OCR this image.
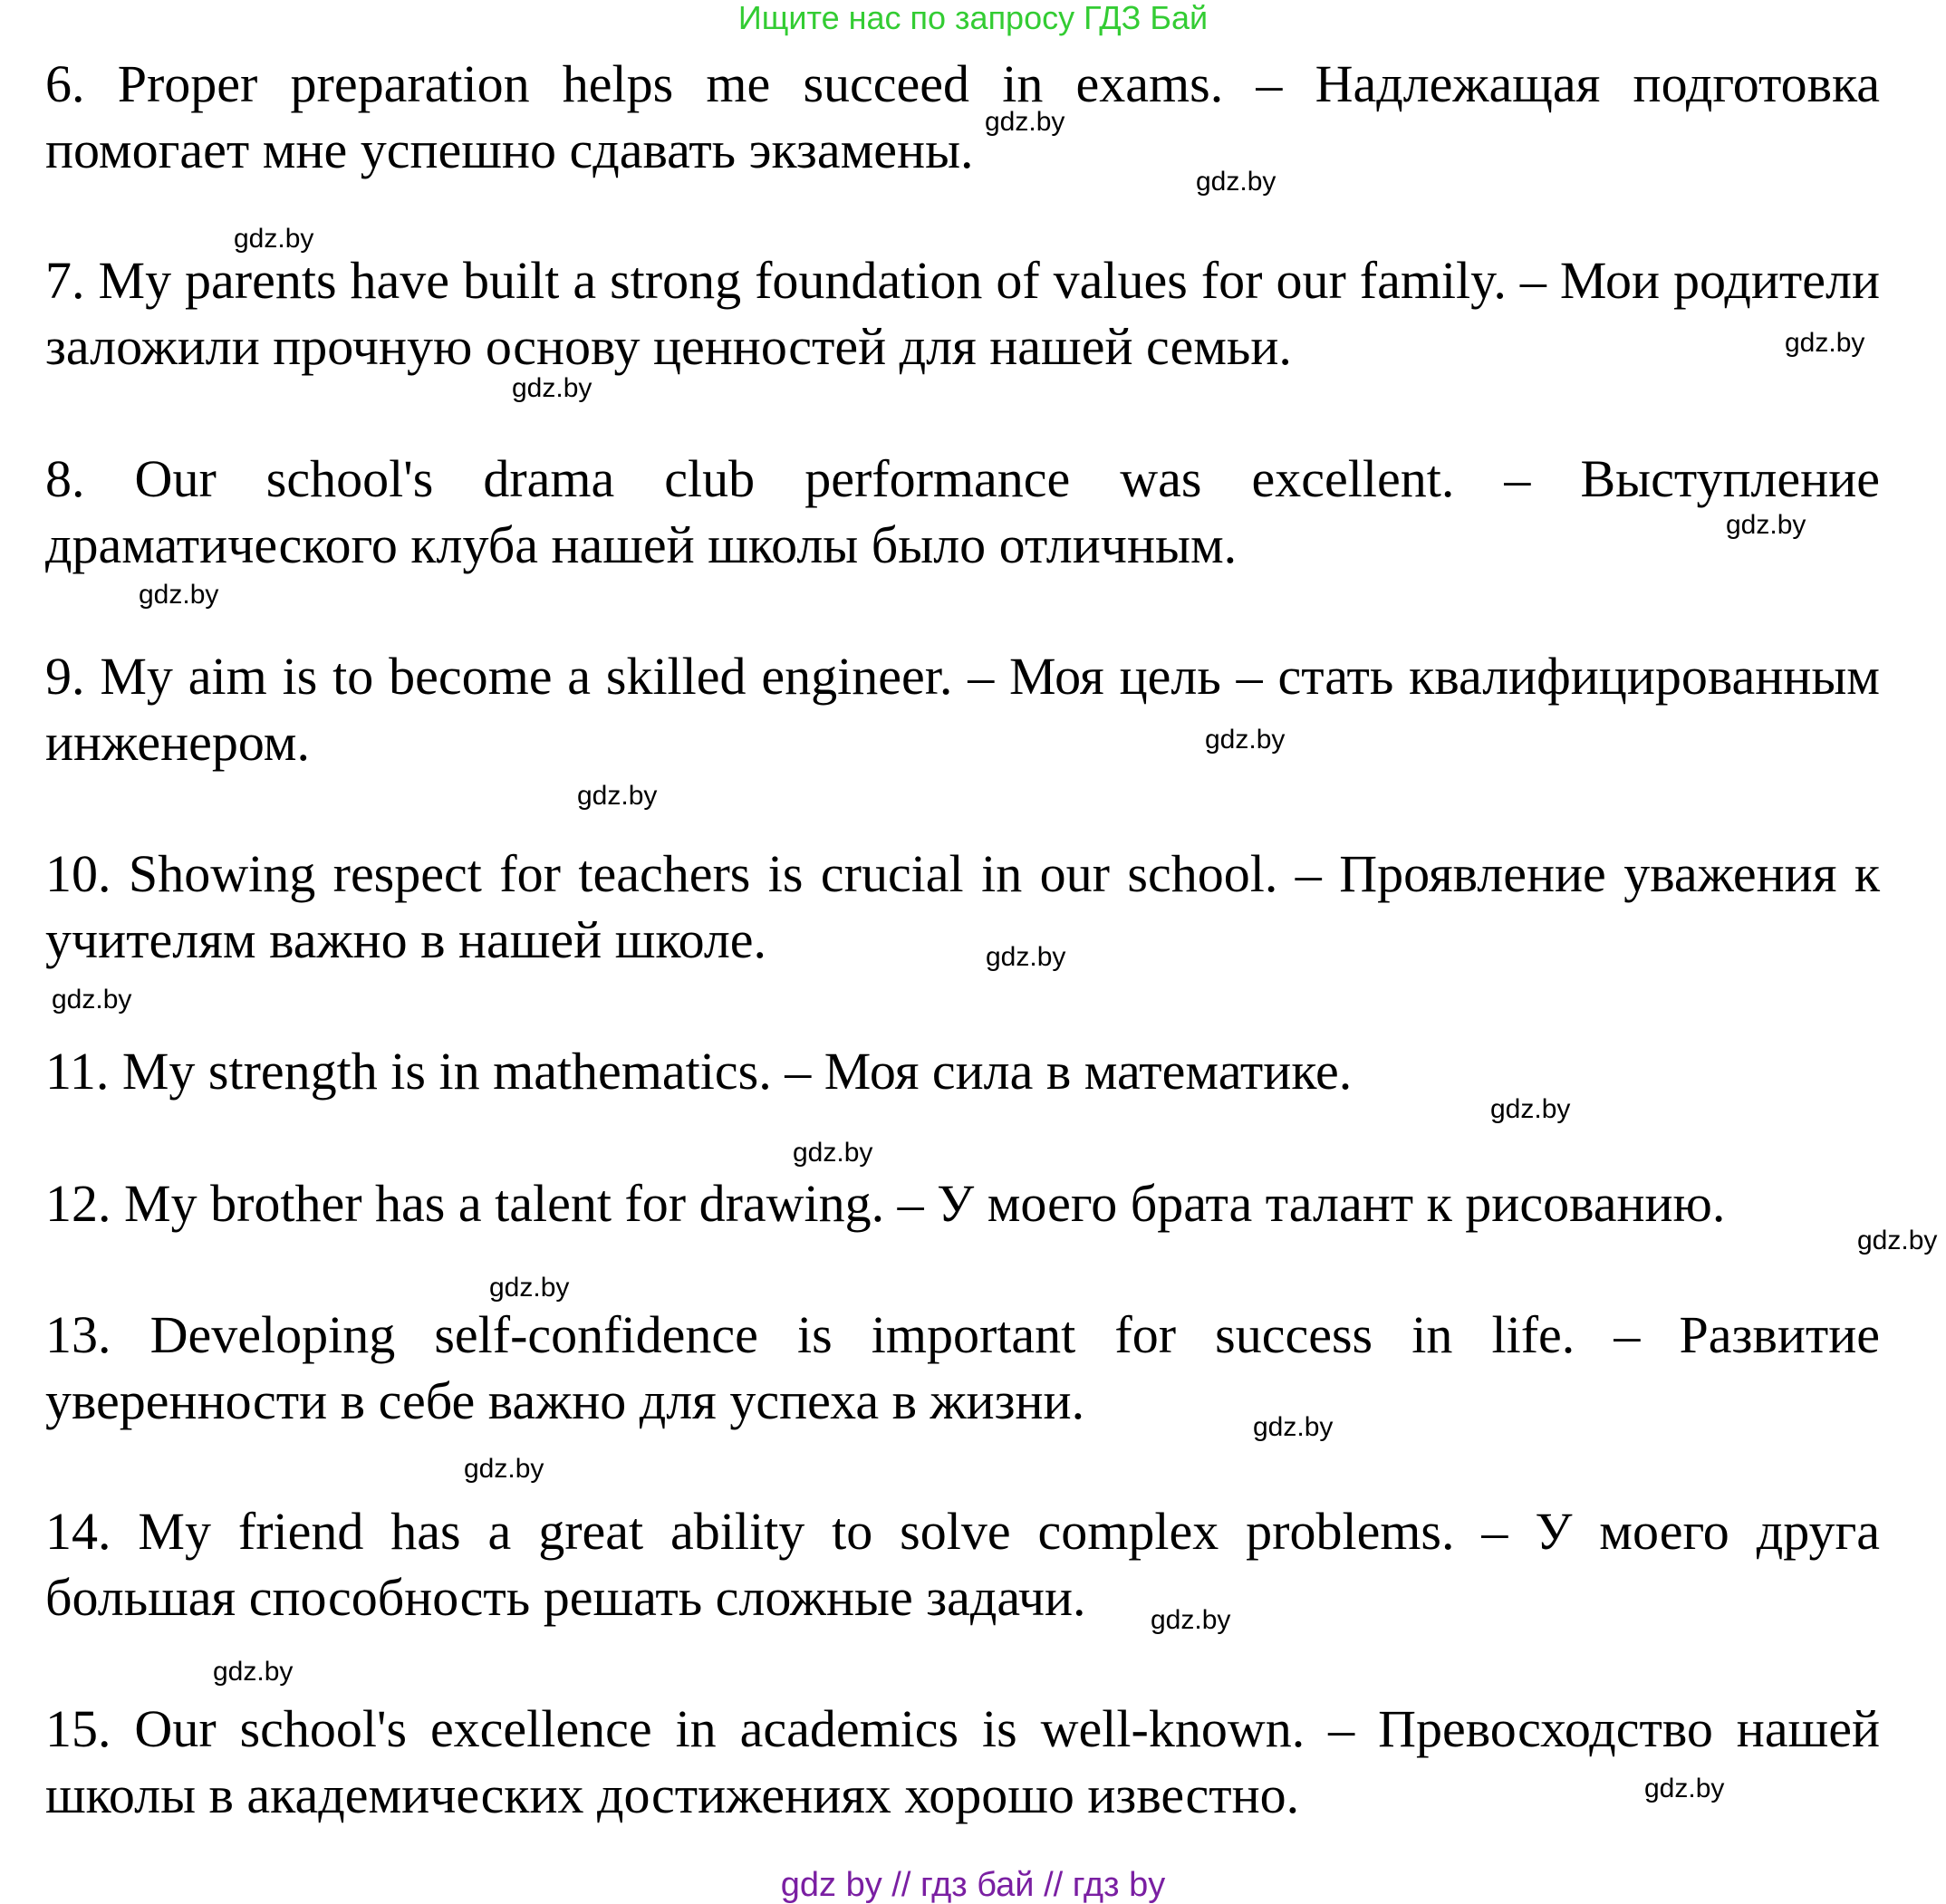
Ищите нас по запросу ГДЗ Бай
6. Proper preparation helps me succeed in exams. – Надлежащая подготовка помогает мне успешно сдавать экзамены.
7. My parents have built a strong foundation of values for our family. – Мои родители заложили прочную основу ценностей для нашей семьи.
8. Our school's drama club performance was excellent. – Выступление драматического клуба нашей школы было отличным.
9. My aim is to become a skilled engineer. – Моя цель – стать квалифицированным инженером.
10. Showing respect for teachers is crucial in our school. – Проявление уважения к учителям важно в нашей школе.
11. My strength is in mathematics. – Моя сила в математике.
12. My brother has a talent for drawing. – У моего брата талант к рисованию.
13. Developing self-confidence is important for success in life. – Развитие уверенности в себе важно для успеха в жизни.
14. My friend has a great ability to solve complex problems. – У моего друга большая способность решать сложные задачи.
15. Our school's excellence in academics is well-known. – Превосходство нашей школы в академических достижениях хорошо известно.
gdz.by
gdz.by
gdz.by
gdz.by
gdz.by
gdz.by
gdz.by
gdz.by
gdz.by
gdz.by
gdz.by
gdz.by
gdz.by
gdz.by
gdz.by
gdz.by
gdz.by
gdz.by
gdz.by
gdz.by
gdz by // гдз бай // гдз by
